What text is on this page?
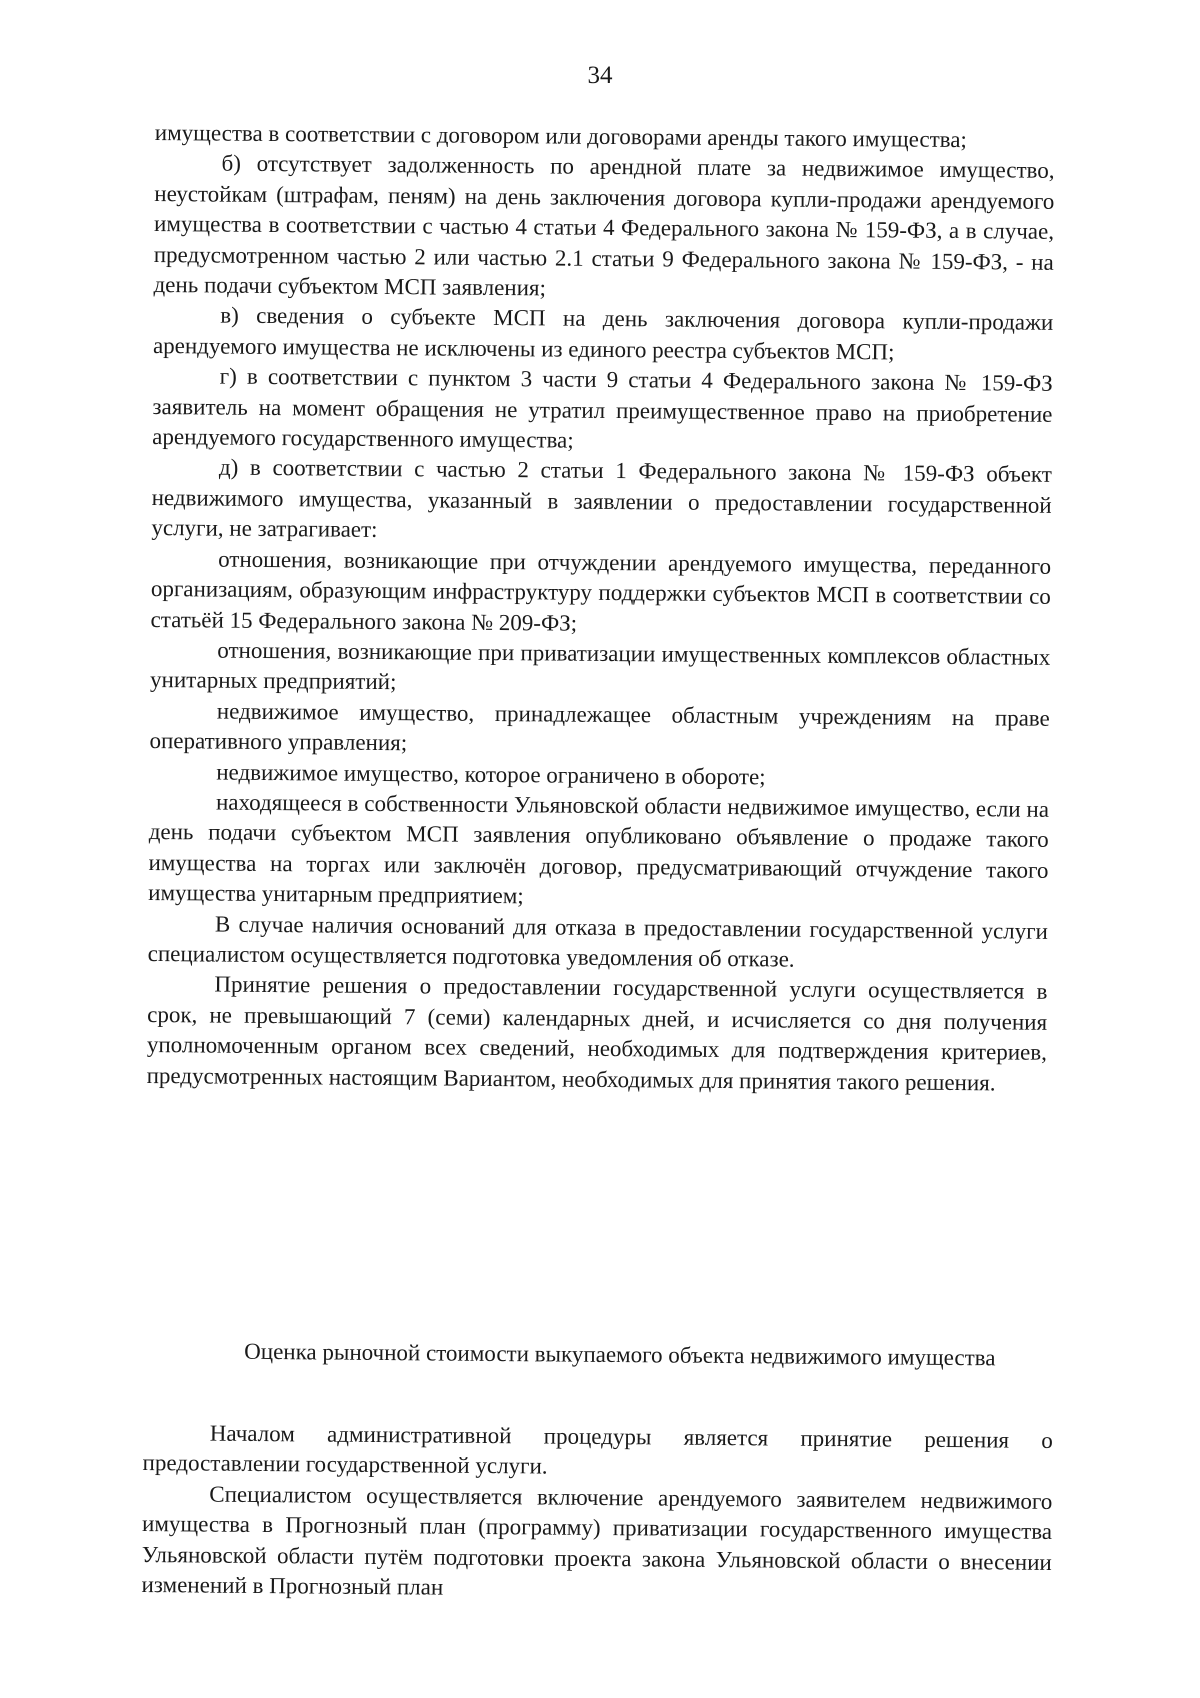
34

имущества в соответствии с договором или договорами аренды такого имущества;

б) отсутствует задолженность по арендной плате за недвижимое имущество, неустойкам (штрафам, пеням) на день заключения договора купли-продажи арендуемого имущества в соответствии с частью 4 статьи 4 Федерального закона № 159-ФЗ, а в случае, предусмотренном частью 2 или частью 2.1 статьи 9 Федерального закона № 159-ФЗ, - на день подачи субъектом МСП заявления;

в) сведения о субъекте МСП на день заключения договора купли-продажи арендуемого имущества не исключены из единого реестра субъектов МСП;

г) в соответствии с пунктом 3 части 9 статьи 4 Федерального закона № 159-ФЗ заявитель на момент обращения не утратил преимущественное право на приобретение арендуемого государственного имущества;

д) в соответствии с частью 2 статьи 1 Федерального закона № 159-ФЗ объект недвижимого имущества, указанный в заявлении о предоставлении государственной услуги, не затрагивает:

отношения, возникающие при отчуждении арендуемого имущества, переданного организациям, образующим инфраструктуру поддержки субъектов МСП в соответствии со статьёй 15 Федерального закона № 209-ФЗ;

отношения, возникающие при приватизации имущественных комплексов областных унитарных предприятий;

недвижимое имущество, принадлежащее областным учреждениям на праве оперативного управления;

недвижимое имущество, которое ограничено в обороте;

находящееся в собственности Ульяновской области недвижимое имущество, если на день подачи субъектом МСП заявления опубликовано объявление о продаже такого имущества на торгах или заключён договор, предусматривающий отчуждение такого имущества унитарным предприятием;

В случае наличия оснований для отказа в предоставлении государственной услуги специалистом осуществляется подготовка уведомления об отказе.

Принятие решения о предоставлении государственной услуги осуществляется в срок, не превышающий 7 (семи) календарных дней, и исчисляется со дня получения уполномоченным органом всех сведений, необходимых для подтверждения критериев, предусмотренных настоящим Вариантом, необходимых для принятия такого решения.

Оценка рыночной стоимости выкупаемого объекта недвижимого имущества

Началом административной процедуры является принятие решения о предоставлении государственной услуги.

Специалистом осуществляется включение арендуемого заявителем недвижимого имущества в Прогнозный план (программу) приватизации государственного имущества Ульяновской области путём подготовки проекта закона Ульяновской области о внесении изменений в Прогнозный план
